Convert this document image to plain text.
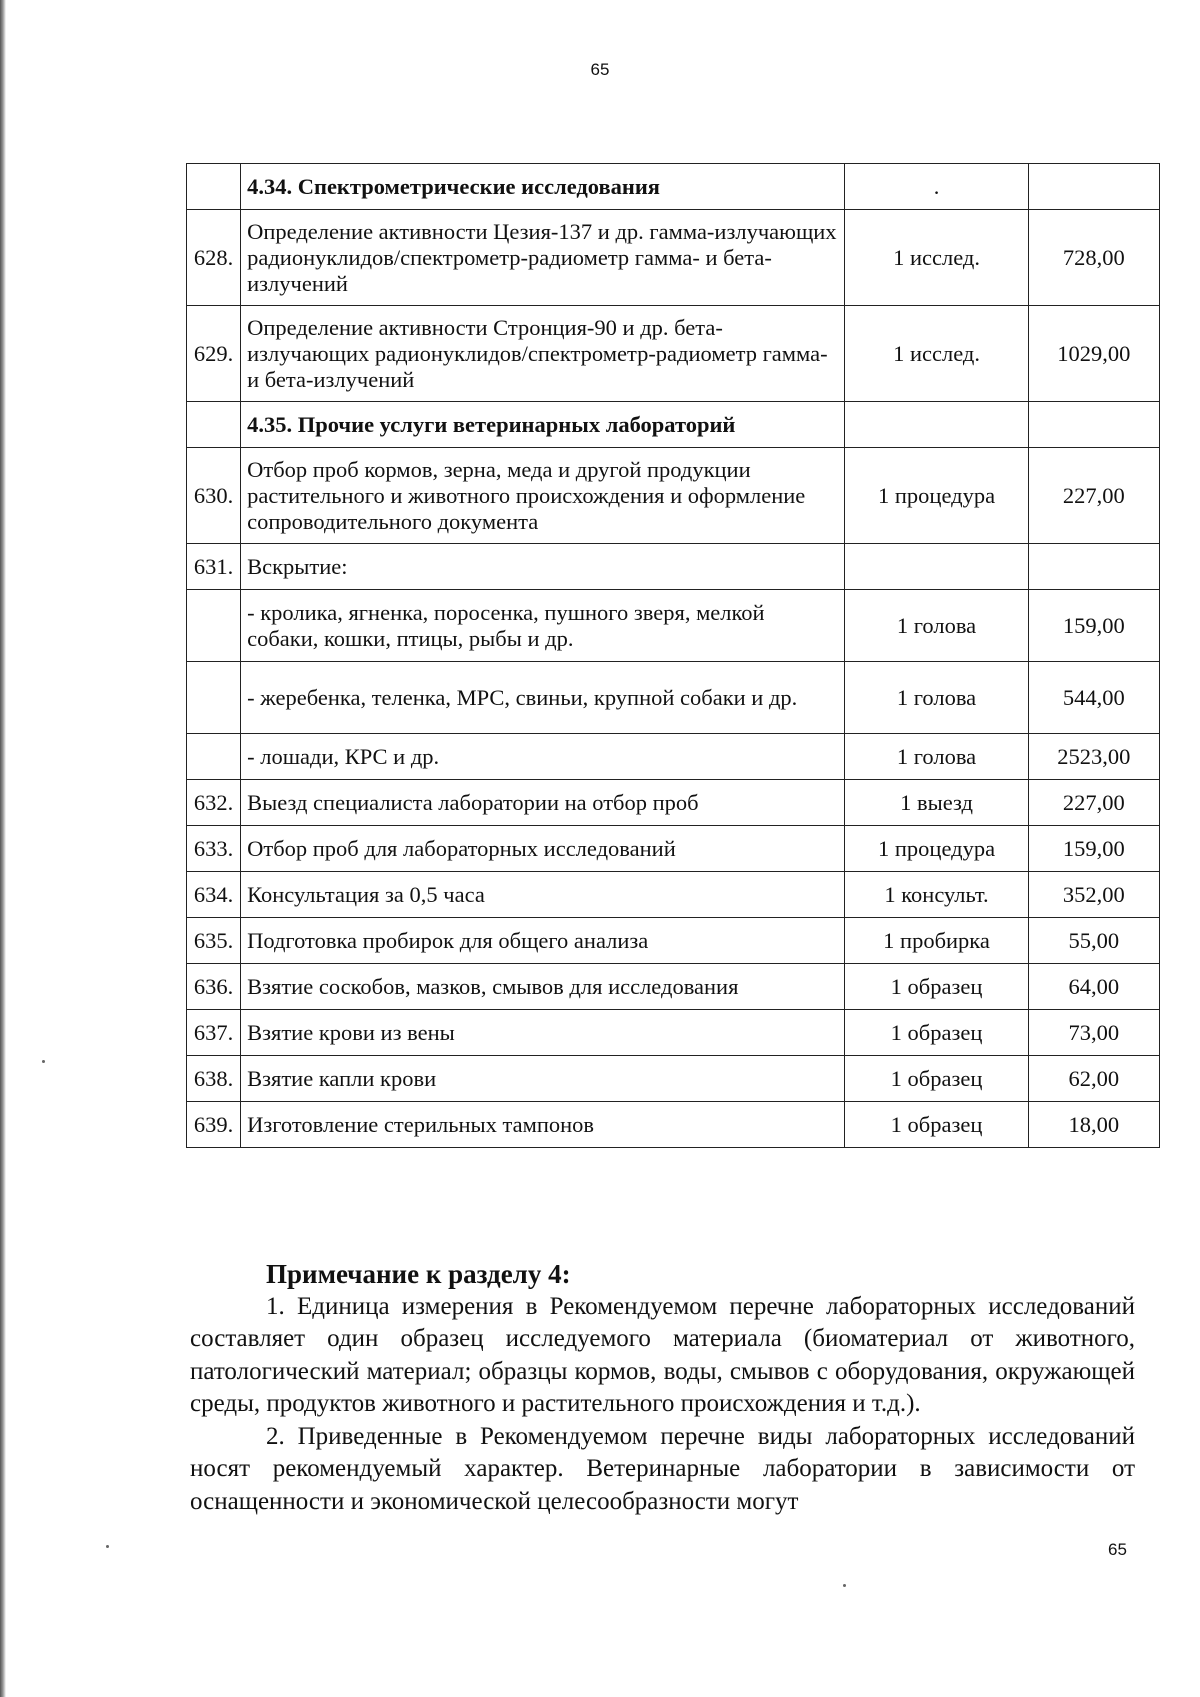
65
	4.34. Спектрометрические исследования	.	
628.	Определение активности Цезия-137 и др. гамма-излучающих радионуклидов/спектрометр-радиометр гамма- и бета-излучений	1 исслед.	728,00
629.	Определение активности Стронция-90 и др. бета-излучающих радионуклидов/спектрометр-радиометр гамма- и бета-излучений	1 исслед.	1029,00
	4.35. Прочие услуги ветеринарных лабораторий		
630.	Отбор проб кормов, зерна, меда и другой продукции растительного и животного происхождения и оформление сопроводительного документа	1 процедура	227,00
631.	Вскрытие:		
	- кролика, ягненка, поросенка, пушного зверя, мелкой собаки, кошки, птицы, рыбы и др.	1 голова	159,00
	- жеребенка, теленка, МРС, свиньи, крупной собаки и др.	1 голова	544,00
	- лошади, КРС и др.	1 голова	2523,00
632.	Выезд специалиста лаборатории на отбор проб	1 выезд	227,00
633.	Отбор проб для лабораторных исследований	1 процедура	159,00
634.	Консультация за 0,5 часа	1 консульт.	352,00
635.	Подготовка пробирок для общего анализа	1 пробирка	55,00
636.	Взятие соскобов, мазков, смывов для исследования	1 образец	64,00
637.	Взятие крови из вены	1 образец	73,00
638.	Взятие капли крови	1 образец	62,00
639.	Изготовление стерильных тампонов	1 образец	18,00
Примечание к разделу 4:

1. Единица измерения в Рекомендуемом перечне лабораторных исследований составляет один образец исследуемого материала (биоматериал от животного, патологический материал; образцы кормов, воды, смывов с оборудования, окружающей среды, продуктов животного и растительного происхождения и т.д.).

2. Приведенные в Рекомендуемом перечне виды лабораторных исследований носят рекомендуемый характер. Ветеринарные лаборатории в зависимости от оснащенности и экономической целесообразности могут

65
